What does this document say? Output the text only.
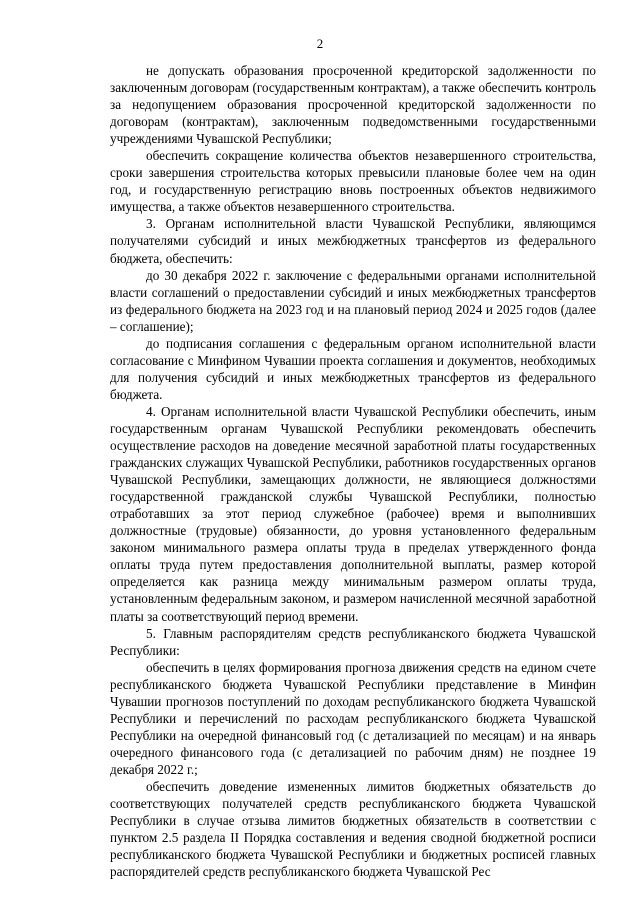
2

не допускать образования просроченной кредиторской задолженности по заключенным договорам (государственным контрактам), а также обеспечить контроль за недопущением образования просроченной кредиторской задолженности по договорам (контрактам), заключенным подведомственными государственными учреждениями Чувашской Республики;

обеспечить сокращение количества объектов незавершенного строительства, сроки завершения строительства которых превысили плановые более чем на один год, и государственную регистрацию вновь построенных объектов недвижимого имущества, а также объектов незавершенного строительства.

3. Органам исполнительной власти Чувашской Республики, являющимся получателями субсидий и иных межбюджетных трансфертов из федерального бюджета, обеспечить:

до 30 декабря 2022 г. заключение с федеральными органами исполнительной власти соглашений о предоставлении субсидий и иных межбюджетных трансфертов из федерального бюджета на 2023 год и на плановый период 2024 и 2025 годов (далее – соглашение);

до подписания соглашения с федеральным органом исполнительной власти согласование с Минфином Чувашии проекта соглашения и документов, необходимых для получения субсидий и иных межбюджетных трансфертов из федерального бюджета.

4. Органам исполнительной власти Чувашской Республики обеспечить, иным государственным органам Чувашской Республики рекомендовать обеспечить осуществление расходов на доведение месячной заработной платы государственных гражданских служащих Чувашской Республики, работников государственных органов Чувашской Республики, замещающих должности, не являющиеся должностями государственной гражданской службы Чувашской Республики, полностью отработавших за этот период служебное (рабочее) время и выполнивших должностные (трудовые) обязанности, до уровня установленного федеральным законом минимального размера оплаты труда в пределах утвержденного фонда оплаты труда путем предоставления дополнительной выплаты, размер которой определяется как разница между минимальным размером оплаты труда, установленным федеральным законом, и размером начисленной месячной заработной платы за соответствующий период времени.

5. Главным распорядителям средств республиканского бюджета Чувашской Республики:

обеспечить в целях формирования прогноза движения средств на едином счете республиканского бюджета Чувашской Республики представление в Минфин Чувашии прогнозов поступлений по доходам республиканского бюджета Чувашской Республики и перечислений по расходам республиканского бюджета Чувашской Республики на очередной финансовый год (с детализацией по месяцам) и на январь очередного финансового года (с детализацией по рабочим дням) не позднее 19 декабря 2022 г.;

обеспечить доведение измененных лимитов бюджетных обязательств до соответствующих получателей средств республиканского бюджета Чувашской Республики в случае отзыва лимитов бюджетных обязательств в соответствии с пунктом 2.5 раздела II Порядка составления и ведения сводной бюджетной росписи республиканского бюджета Чувашской Республики и бюджетных росписей главных распорядителей средств республиканского бюджета Чувашской Рес
